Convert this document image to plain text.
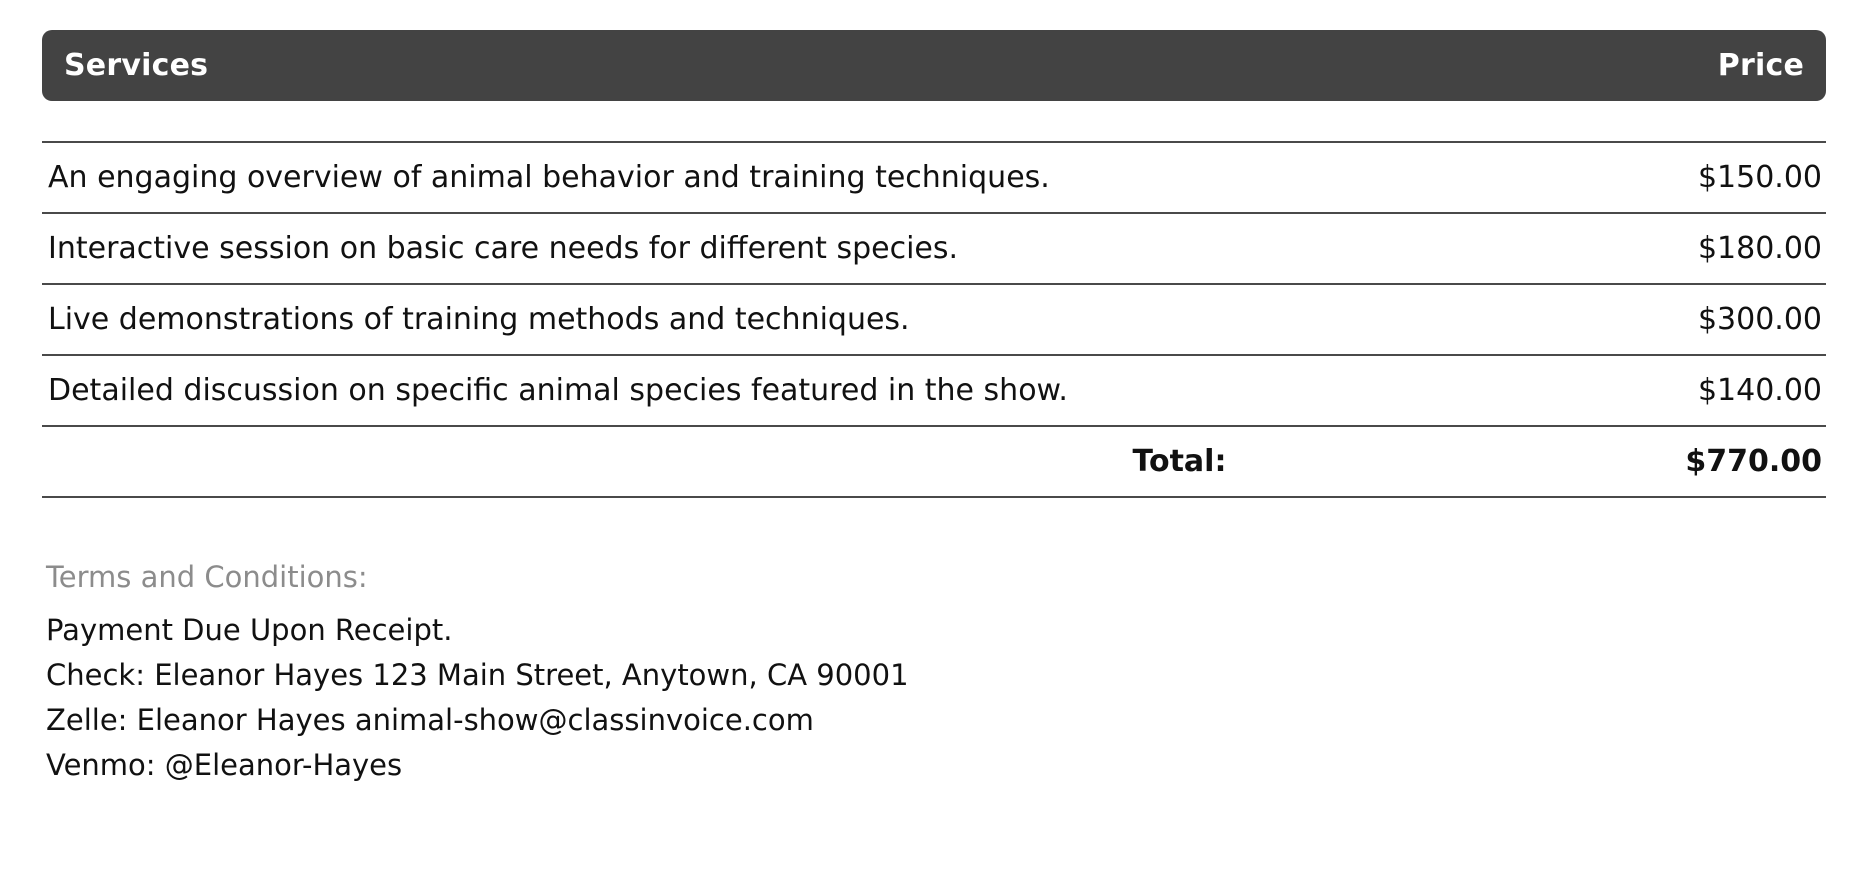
Services	Price

An engaging overview of animal behavior and training techniques.	$150.00
Interactive session on basic care needs for different species.	$180.00
Live demonstrations of training methods and techniques.	$300.00
Detailed discussion on specific animal species featured in the show.	$140.00
Total:	$770.00
Terms and Conditions:
Payment Due Upon Receipt.
Check: Eleanor Hayes 123 Main Street, Anytown, CA 90001
Zelle: Eleanor Hayes animal-show@classinvoice.com
Venmo: @Eleanor-Hayes
